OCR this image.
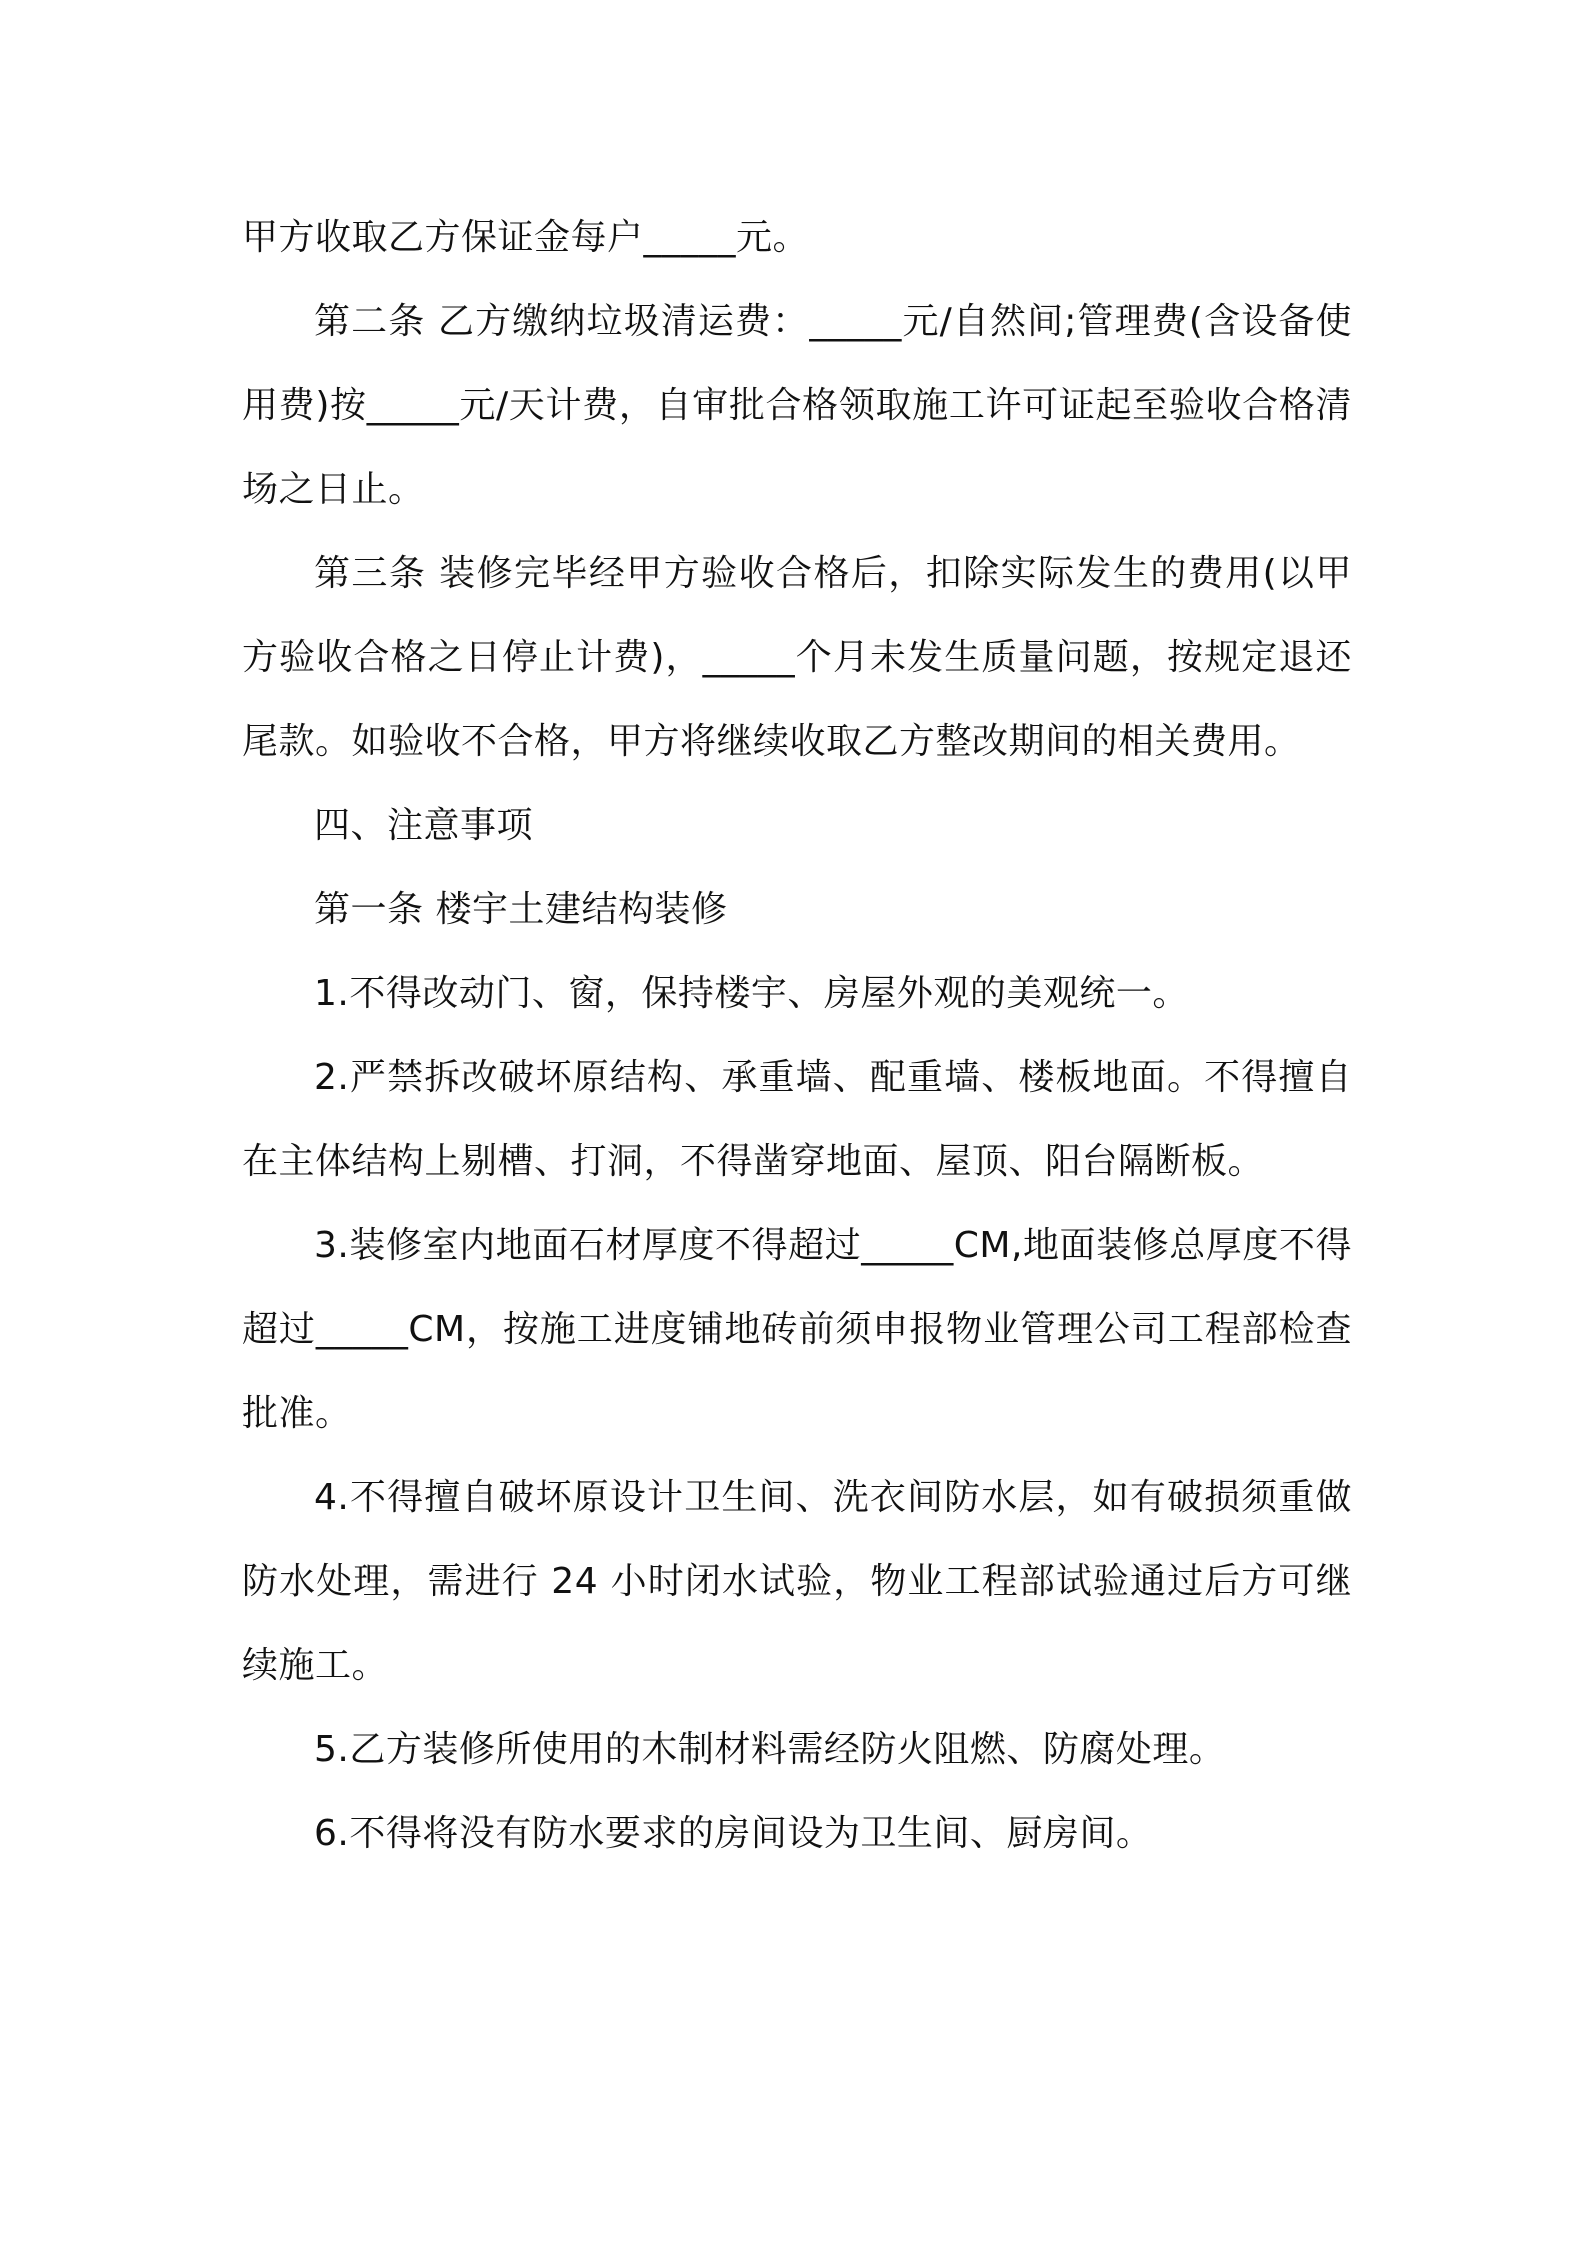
甲方收取乙方保证金每户_____元。

第二条 乙方缴纳垃圾清运费：_____元/自然间;管理费(含设备使用费)按_____元/天计费，自审批合格领取施工许可证起至验收合格清场之日止。

第三条 装修完毕经甲方验收合格后，扣除实际发生的费用(以甲方验收合格之日停止计费)，_____个月未发生质量问题，按规定退还尾款。如验收不合格，甲方将继续收取乙方整改期间的相关费用。

四、注意事项

第一条 楼宇土建结构装修

1.不得改动门、窗，保持楼宇、房屋外观的美观统一。

2.严禁拆改破坏原结构、承重墙、配重墙、楼板地面。不得擅自在主体结构上剔槽、打洞，不得凿穿地面、屋顶、阳台隔断板。

3.装修室内地面石材厚度不得超过_____CM,地面装修总厚度不得超过_____CM，按施工进度铺地砖前须申报物业管理公司工程部检查批准。

4.不得擅自破坏原设计卫生间、洗衣间防水层，如有破损须重做防水处理，需进行 24 小时闭水试验，物业工程部试验通过后方可继续施工。

5.乙方装修所使用的木制材料需经防火阻燃、防腐处理。

6.不得将没有防水要求的房间设为卫生间、厨房间。
